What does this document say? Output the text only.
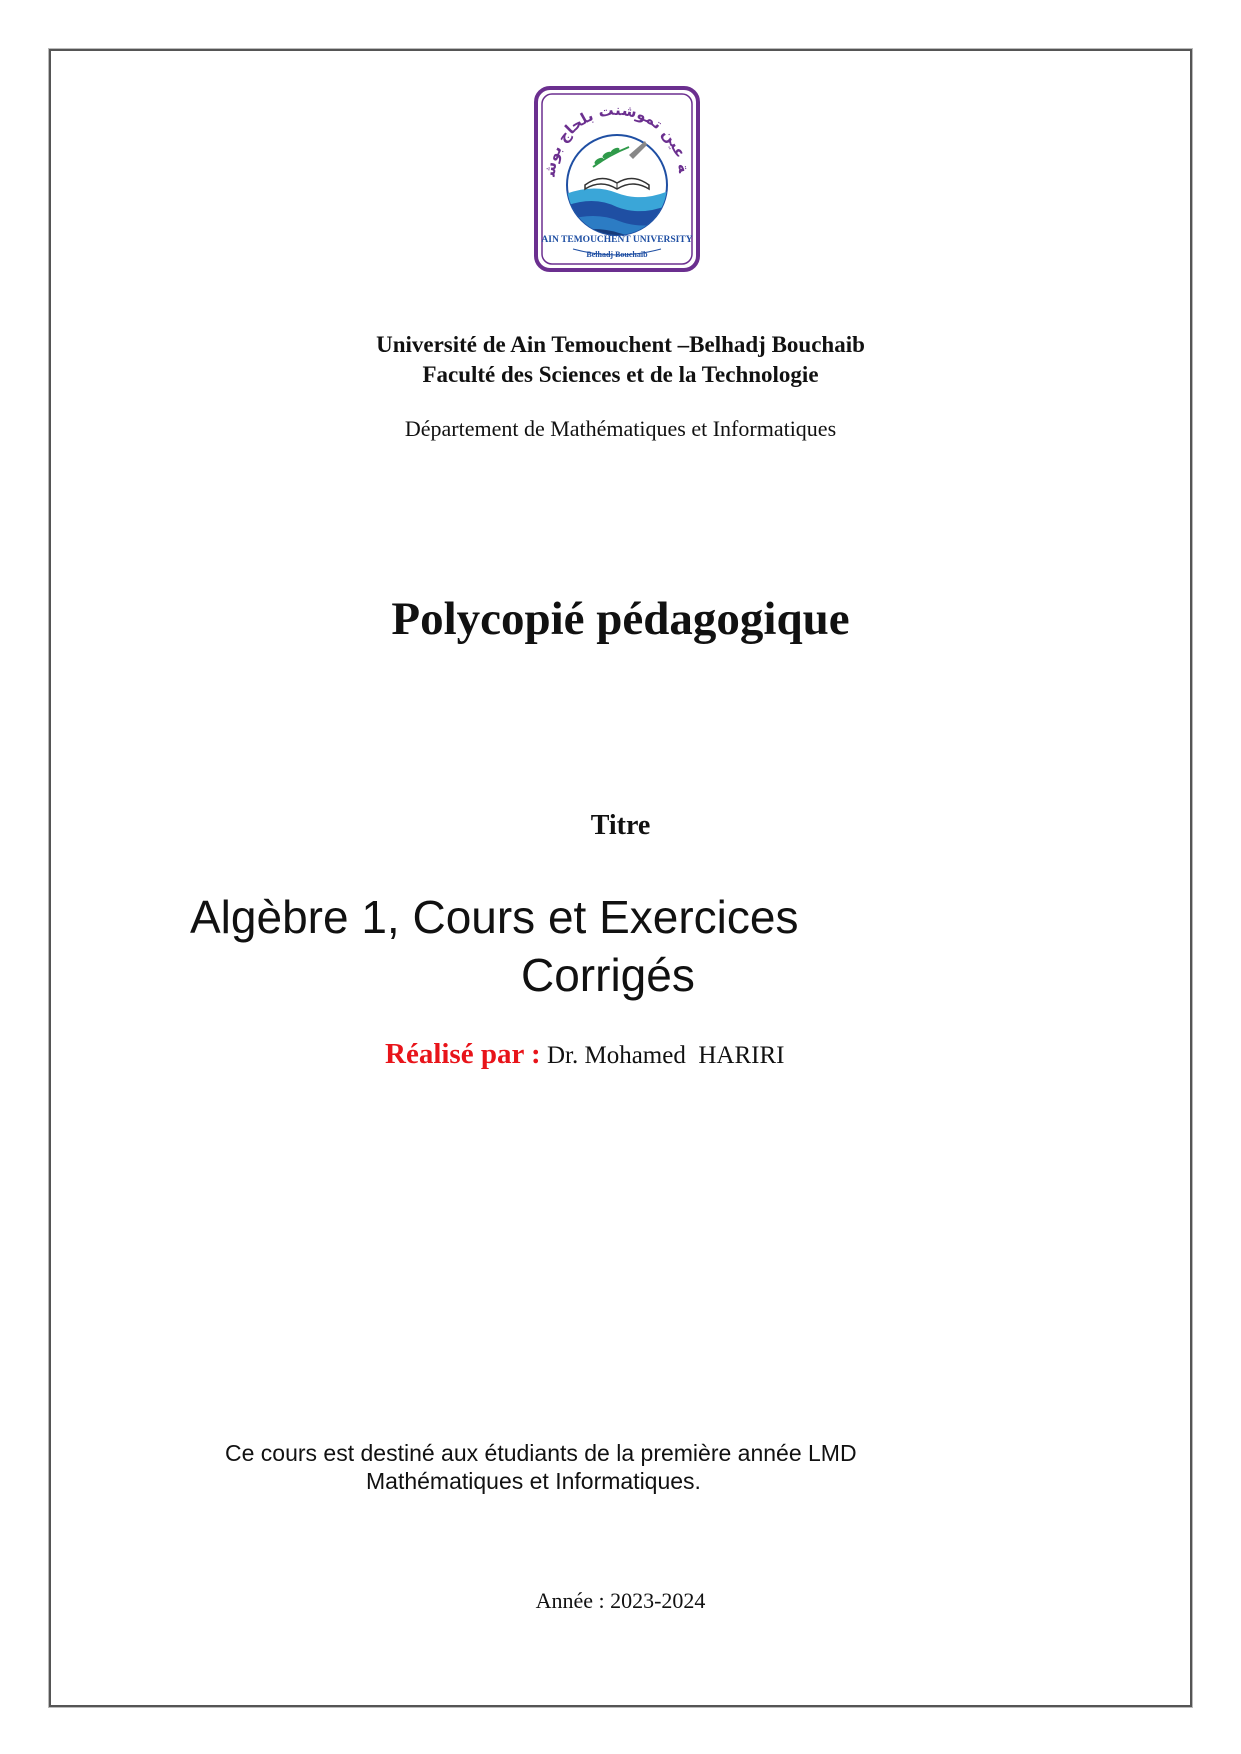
ة عين تموشنت بلحاج بوش
AIN TEMOUCHENT UNIVERSITY
Belhadj Bouchaib
Université de Ain Temouchent –Belhadj Bouchaib
Faculté des Sciences et de la Technologie
Département de Mathématiques et Informatiques
Polycopié pédagogique
Titre
Algèbre 1, Cours et Exercices
Corrigés
Réalisé par : Dr. Mohamed  HARIRI
Ce cours est destiné aux étudiants de la première année LMD
Mathématiques et Informatiques.
Année : 2023-2024
